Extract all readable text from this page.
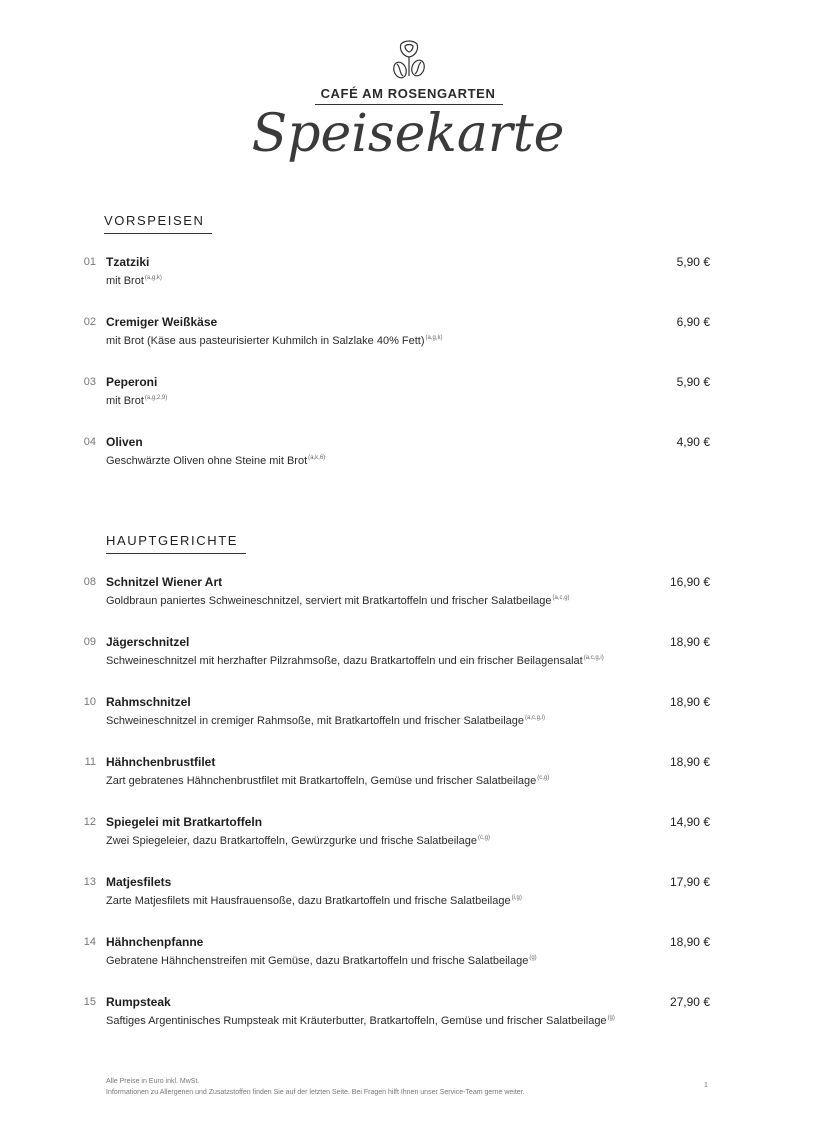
CAFÉ AM ROSENGARTEN
Speisekarte
VORSPEISEN
HAUPTGERICHTE
01 Tzatziki	5,90 €
mit Brot$^{(a,g,k)}$
02 Cremiger Weißkäse	6,90 €
mit Brot (Käse aus pasteurisierter Kuhmilch in Salzlake 40% Fett)$^{(a,g,k)}$
03 Peperoni	5,90 €
mit Brot$^{(a,g,2,9)}$
04 Oliven	4,90 €
Geschwärzte Oliven ohne Steine mit Brot$^{(a,k,6)}$
08 Schnitzel Wiener Art	16,90 €
Goldbraun paniertes Schweineschnitzel, serviert mit Bratkartoffeln und frischer Salatbeilage$^{(a,c,g)}$
09 Jägerschnitzel	18,90 €
Schweineschnitzel mit herzhafter Pilzrahmsoße, dazu Bratkartoffeln und ein frischer Beilagensalat$^{(a,c,g,i)}$
10 Rahmschnitzel	18,90 €
Schweineschnitzel in cremiger Rahmsoße, mit Bratkartoffeln und frischer Salatbeilage$^{(a,c,g,i)}$
11 Hähnchenbrustfilet	18,90 €
Zart gebratenes Hähnchenbrustfilet mit Bratkartoffeln, Gemüse und frischer Salatbeilage$^{(c,g)}$
12 Spiegelei mit Bratkartoffeln	14,90 €
Zwei Spiegeleier, dazu Bratkartoffeln, Gewürzgurke und frische Salatbeilage$^{(c,g)}$
13 Matjesfilets	17,90 €
Zarte Matjesfilets mit Hausfrauensoße, dazu Bratkartoffeln und frische Salatbeilage$^{(i,g)}$
14 Hähnchenpfanne	18,90 €
Gebratene Hähnchenstreifen mit Gemüse, dazu Bratkartoffeln und frische Salatbeilage$^{(g)}$
15 Rumpsteak	27,90 €
Saftiges Argentinisches Rumpsteak mit Kräuterbutter, Bratkartoffeln, Gemüse und frischer Salatbeilage$^{(g)}$
Alle Preise in Euro inkl. MwSt.
Informationen zu Allergenen und Zusatzstoffen finden Sie auf der letzten Seite. Bei Fragen hilft Ihnen unser Service-Team gerne weiter.
1
